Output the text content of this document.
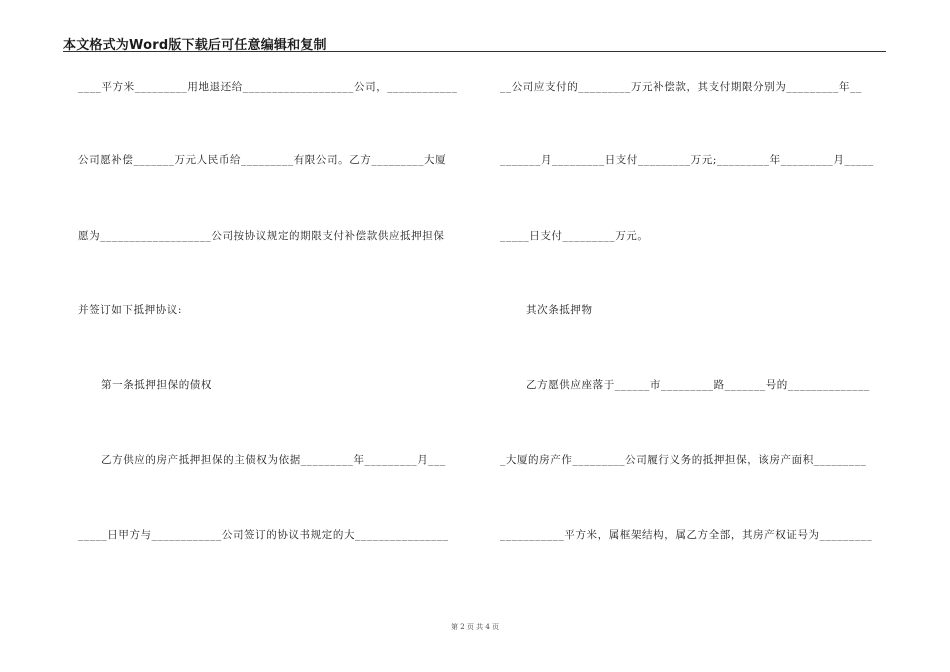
本文格式为Word版下载后可任意编辑和复制
____平方米_________用地退还给___________________公司，____________
公司愿补偿_______万元人民币给_________有限公司。乙方_________大厦
愿为___________________公司按协议规定的期限支付补偿款供应抵押担保
并签订如下抵押协议:
第一条抵押担保的债权
乙方供应的房产抵押担保的主债权为依据_________年_________月___
_____日甲方与____________公司签订的协议书规定的大________________
__公司应支付的_________万元补偿款，其支付期限分别为_________年__
_______月_________日支付_________万元;_________年_________月_____
_____日支付_________万元。
其次条抵押物
乙方愿供应座落于______市_________路_______号的______________
_大厦的房产作_________公司履行义务的抵押担保，该房产面积_________
___________平方米，属框架结构，属乙方全部，其房产权证号为_________
第 2 页 共 4 页
